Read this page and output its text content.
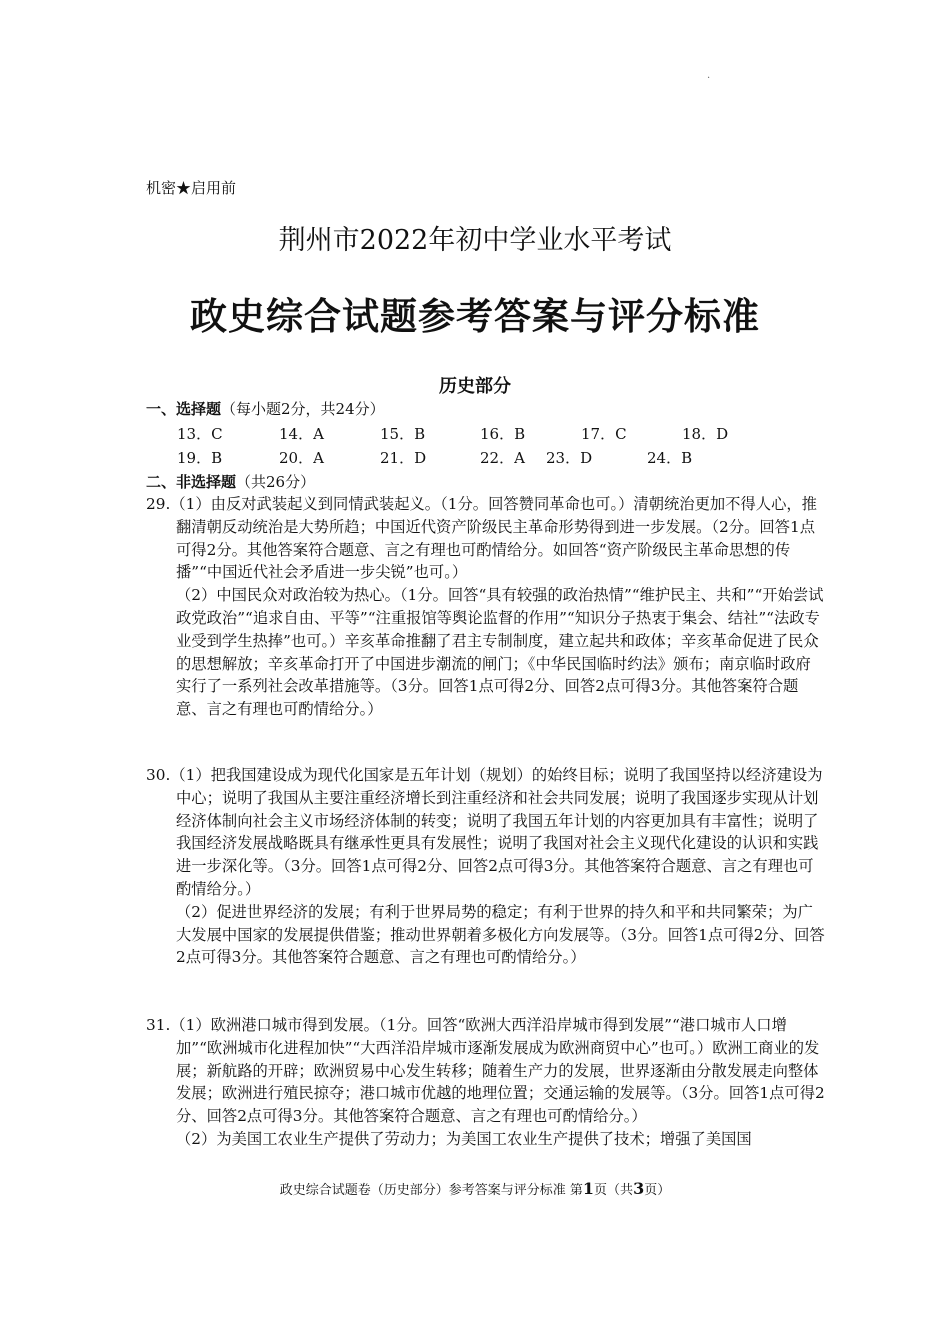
.
机密★启用前
荆州市2022年初中学业水平考试
政史综合试题参考答案与评分标准
历史部分
一、选择题（每小题2分，共24分）
13．C	14．A	15．B	16．B	17．C	18．D
19．B	20．A	21．D	22．A 23．D	24．B
二、非选择题（共26分）

29.（1）由反对武装起义到同情武装起义。（1分。回答赞同革命也可。）清朝统治更加不得人心，推翻清朝反动统治是大势所趋；中国近代资产阶级民主革命形势得到进一步发展。（2分。回答1点可得2分。其他答案符合题意、言之有理也可酌情给分。如回答“资产阶级民主革命思想的传播”“中国近代社会矛盾进一步尖锐”也可。）

（2）中国民众对政治较为热心。（1分。回答“具有较强的政治热情”“维护民主、共和”“开始尝试政党政治”“追求自由、平等”“注重报馆等舆论监督的作用”“知识分子热衷于集会、结社”“法政专业受到学生热捧”也可。）辛亥革命推翻了君主专制制度，建立起共和政体；辛亥革命促进了民众的思想解放；辛亥革命打开了中国进步潮流的闸门；《中华民国临时约法》颁布；南京临时政府实行了一系列社会改革措施等。（3分。回答1点可得2分、回答2点可得3分。其他答案符合题意、言之有理也可酌情给分。）

30.（1）把我国建设成为现代化国家是五年计划（规划）的始终目标；说明了我国坚持以经济建设为中心；说明了我国从主要注重经济增长到注重经济和社会共同发展；说明了我国逐步实现从计划经济体制向社会主义市场经济体制的转变；说明了我国五年计划的内容更加具有丰富性；说明了我国经济发展战略既具有继承性更具有发展性；说明了我国对社会主义现代化建设的认识和实践进一步深化等。（3分。回答1点可得2分、回答2点可得3分。其他答案符合题意、言之有理也可酌情给分。）

（2）促进世界经济的发展；有利于世界局势的稳定；有利于世界的持久和平和共同繁荣；为广大发展中国家的发展提供借鉴；推动世界朝着多极化方向发展等。（3分。回答1点可得2分、回答2点可得3分。其他答案符合题意、言之有理也可酌情给分。）

31.（1）欧洲港口城市得到发展。（1分。回答“欧洲大西洋沿岸城市得到发展”“港口城市人口增加”“欧洲城市化进程加快”“大西洋沿岸城市逐渐发展成为欧洲商贸中心”也可。）欧洲工商业的发展；新航路的开辟；欧洲贸易中心发生转移；随着生产力的发展，世界逐渐由分散发展走向整体发展；欧洲进行殖民掠夺；港口城市优越的地理位置；交通运输的发展等。（3分。回答1点可得2分、回答2点可得3分。其他答案符合题意、言之有理也可酌情给分。）

（2）为美国工农业生产提供了劳动力；为美国工农业生产提供了技术；增强了美国国

政史综合试题卷（历史部分）参考答案与评分标准 第1页（共3页）
